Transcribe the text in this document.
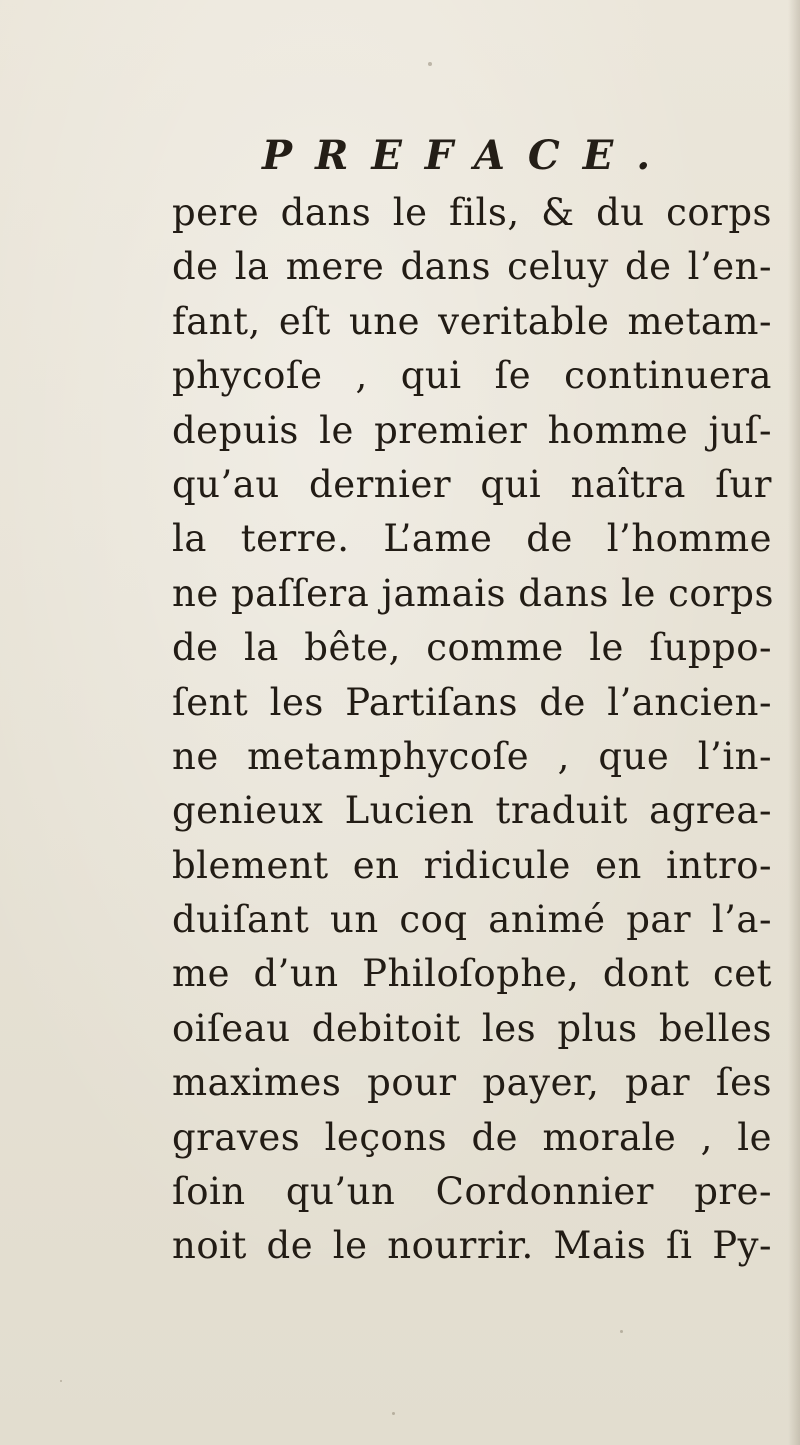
PREFACE.
pere dans le fils, & du corps
de la mere dans celuy de l’en-
fant, eſt une veritable metam-
phycoſe , qui ſe continuera
depuis le premier homme juſ-
qu’au dernier qui naîtra ſur
la terre. L’ame de l’homme
ne paſſera jamais dans le corps
de la bête, comme le ſuppo-
ſent les Partiſans de l’ancien-
ne metamphycoſe , que l’in-
genieux Lucien traduit agrea-
blement en ridicule en intro-
duiſant un coq animé par l’a-
me d’un Philoſophe, dont cet
oiſeau debitoit les plus belles
maximes pour payer, par ſes
graves leçons de morale , le
ſoin qu’un Cordonnier pre-
noit de le nourrir. Mais ſi Py-
